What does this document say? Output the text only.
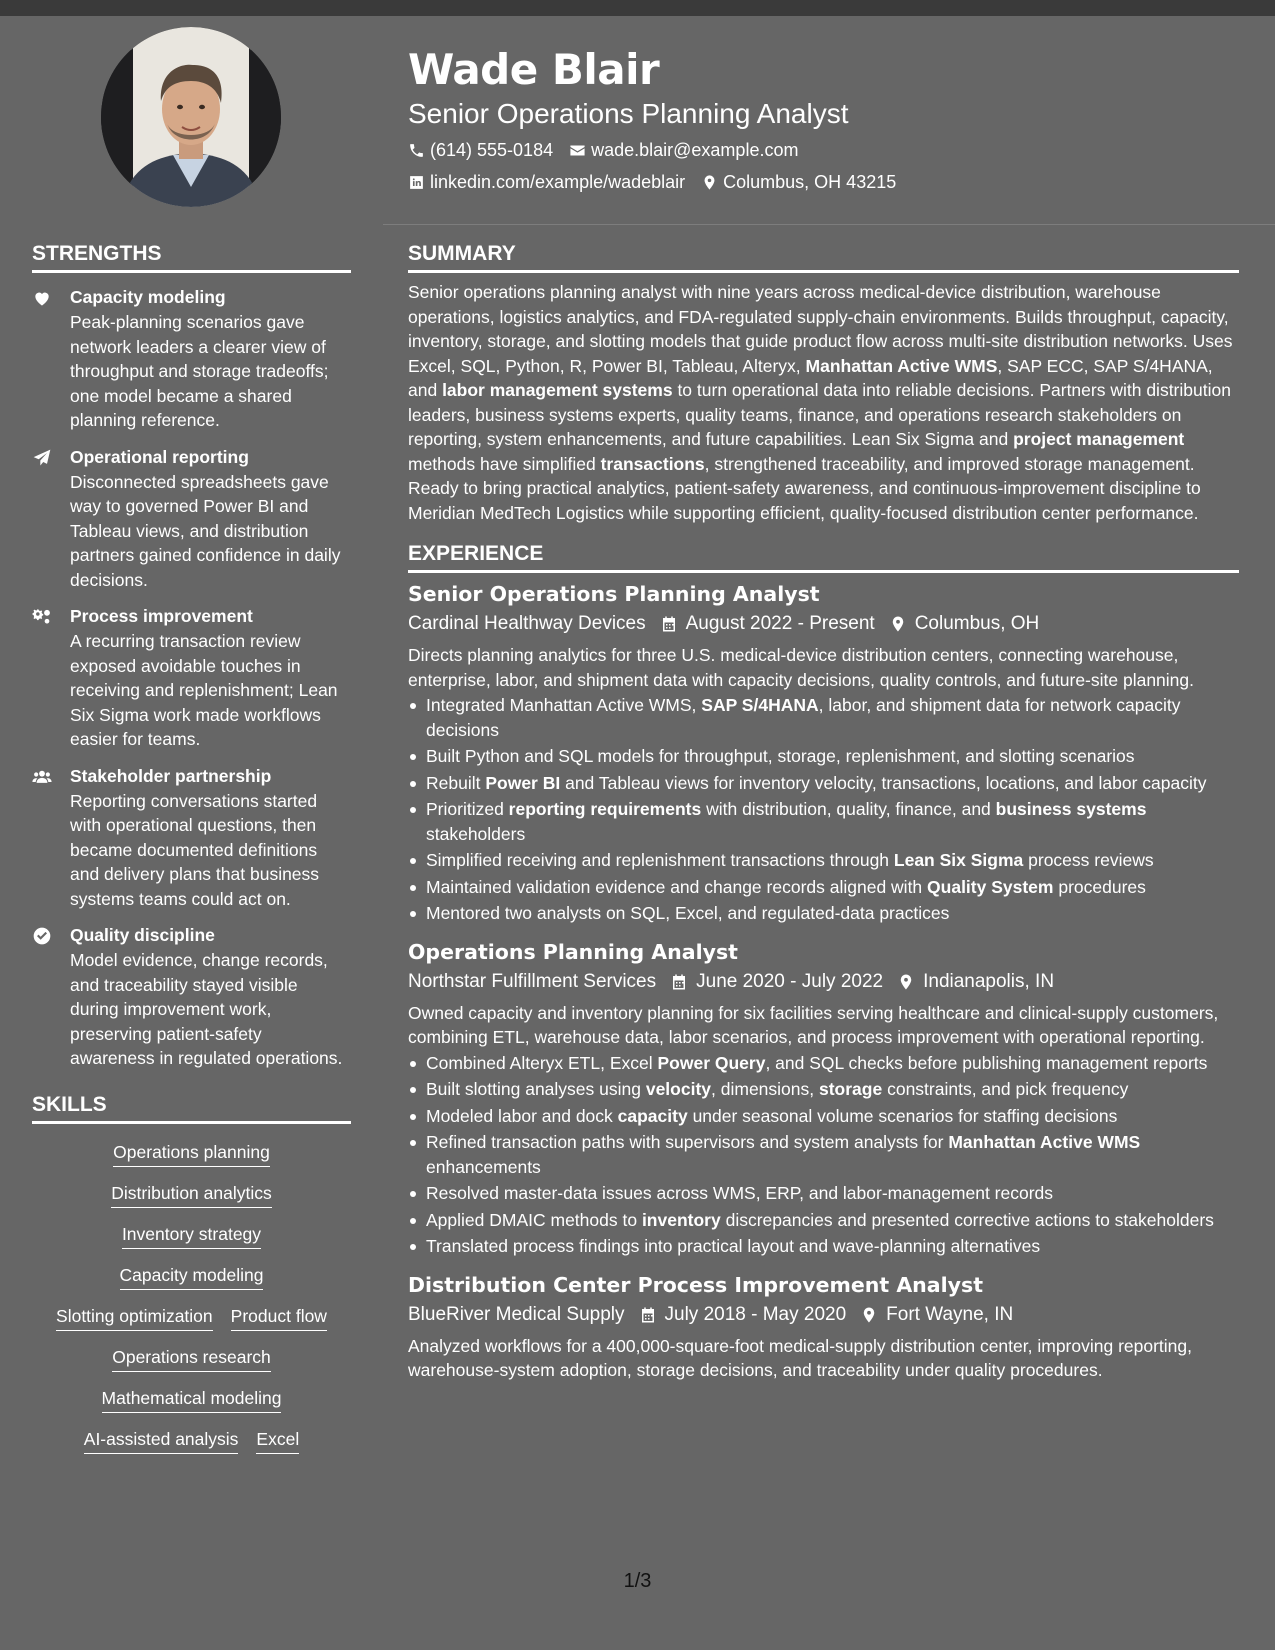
Wade Blair
Senior Operations Planning Analyst
(614) 555-0184 wade.blair@example.com
linkedin.com/example/wadeblair Columbus, OH 43215
STRENGTHS
Capacity modeling
Peak-planning scenarios gave network leaders a clearer view of throughput and storage tradeoffs; one model became a shared planning reference.
Operational reporting
Disconnected spreadsheets gave way to governed Power BI and Tableau views, and distribution partners gained confidence in daily decisions.
Process improvement
A recurring transaction review exposed avoidable touches in receiving and replenishment; Lean Six Sigma work made workflows easier for teams.
Stakeholder partnership
Reporting conversations started with operational questions, then became documented definitions and delivery plans that business systems teams could act on.
Quality discipline
Model evidence, change records, and traceability stayed visible during improvement work, preserving patient-safety awareness in regulated operations.
SKILLS
Operations planning
Distribution analytics
Inventory strategy
Capacity modeling
Slotting optimization Product flow
Operations research
Mathematical modeling
AI-assisted analysis Excel
SUMMARY
Senior operations planning analyst with nine years across medical-device distribution, warehouse operations, logistics analytics, and FDA-regulated supply-chain environments. Builds throughput, capacity, inventory, storage, and slotting models that guide product flow across multi-site distribution networks. Uses Excel, SQL, Python, R, Power BI, Tableau, Alteryx, Manhattan Active WMS, SAP ECC, SAP S/4HANA, and labor management systems to turn operational data into reliable decisions. Partners with distribution leaders, business systems experts, quality teams, finance, and operations research stakeholders on reporting, system enhancements, and future capabilities. Lean Six Sigma and project management methods have simplified transactions, strengthened traceability, and improved storage management. Ready to bring practical analytics, patient-safety awareness, and continuous-improvement discipline to Meridian MedTech Logistics while supporting efficient, quality-focused distribution center performance.
EXPERIENCE
Senior Operations Planning Analyst
Cardinal Healthway Devices August 2022 - Present Columbus, OH
Directs planning analytics for three U.S. medical-device distribution centers, connecting warehouse, enterprise, labor, and shipment data with capacity decisions, quality controls, and future-site planning.
Integrated Manhattan Active WMS, SAP S/4HANA, labor, and shipment data for network capacity decisions
Built Python and SQL models for throughput, storage, replenishment, and slotting scenarios
Rebuilt Power BI and Tableau views for inventory velocity, transactions, locations, and labor capacity
Prioritized reporting requirements with distribution, quality, finance, and business systems stakeholders
Simplified receiving and replenishment transactions through Lean Six Sigma process reviews
Maintained validation evidence and change records aligned with Quality System procedures
Mentored two analysts on SQL, Excel, and regulated-data practices
Operations Planning Analyst
Northstar Fulfillment Services June 2020 - July 2022 Indianapolis, IN
Owned capacity and inventory planning for six facilities serving healthcare and clinical-supply customers, combining ETL, warehouse data, labor scenarios, and process improvement with operational reporting.
Combined Alteryx ETL, Excel Power Query, and SQL checks before publishing management reports
Built slotting analyses using velocity, dimensions, storage constraints, and pick frequency
Modeled labor and dock capacity under seasonal volume scenarios for staffing decisions
Refined transaction paths with supervisors and system analysts for Manhattan Active WMS enhancements
Resolved master-data issues across WMS, ERP, and labor-management records
Applied DMAIC methods to inventory discrepancies and presented corrective actions to stakeholders
Translated process findings into practical layout and wave-planning alternatives
Distribution Center Process Improvement Analyst
BlueRiver Medical Supply July 2018 - May 2020 Fort Wayne, IN
Analyzed workflows for a 400,000-square-foot medical-supply distribution center, improving reporting, warehouse-system adoption, storage decisions, and traceability under quality procedures.
1/3
